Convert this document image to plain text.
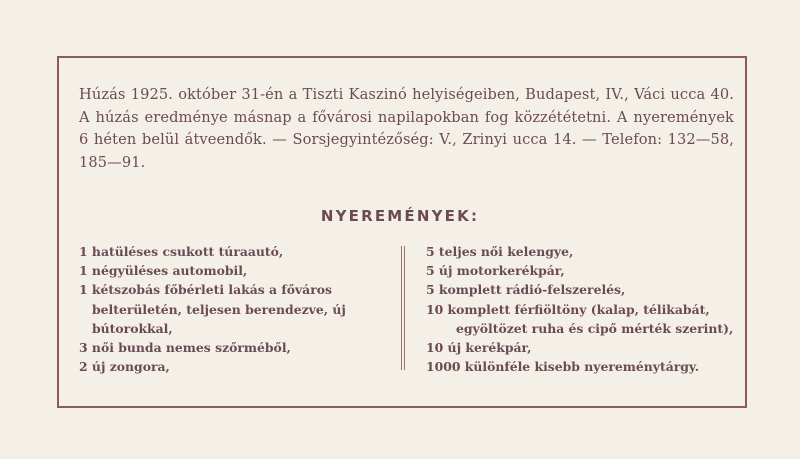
Húzás 1925. október 31-én a Tiszti Kaszinó helyiségeiben, Budapest, IV., Váci ucca 40. A húzás eredménye másnap a fővárosi napilapokban fog közzététetni. A nyeremények 6 héten belül átveendők. — Sorsjegyintézőség: V., Zrinyi ucca 14. — Telefon: 132—58, 185—91.

NYEREMÉNYEK:
1 hatüléses csukott túraautó,
1 négyüléses automobil,
1 kétszobás főbérleti lakás a főváros
belterületén, teljesen berendezve, új
bútorokkal,
3 női bunda nemes szőrméből,
2 új zongora,
5 teljes női kelengye,
5 új motorkerékpár,
5 komplett rádió-felszerelés,
10 komplett férfiöltöny (kalap, télikabát,
egyöltözet ruha és cipő mérték szerint),
10 új kerékpár,
1000 különféle kisebb nyereménytárgy.
